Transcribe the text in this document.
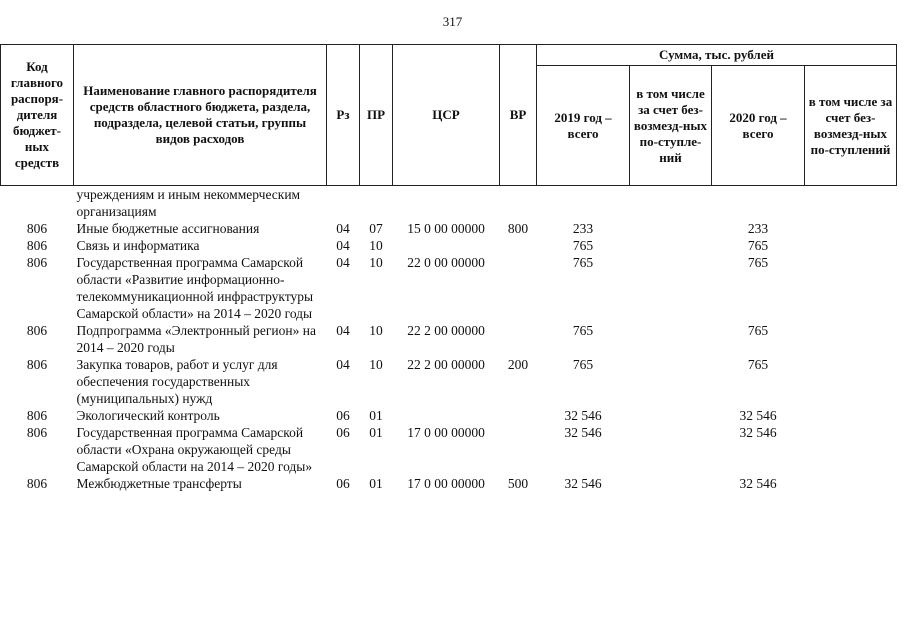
317
Код главного распоря-дителя бюджет-ных средств	Наименование главного распорядителя средств областного бюджета, раздела, подраздела, целевой статьи, группы видов расходов	Рз	ПР	ЦСР	ВР	Сумма, тыс. рублей			
						2019 год – всего	в том числе за счет без-возмезд-ных по-ступле-ний	2020 год – всего	в том числе за счет без-возмезд-ных по-ступлений
	учреждениям и иным некоммерческим организациям								
806	Иные бюджетные ассигнования	04	07	15 0 00 00000	800	233		233	
806	Связь и информатика	04	10			765		765	
806	Государственная программа Самарской области «Развитие информационно-телекоммуникационной инфраструктуры Самарской области» на 2014 – 2020 годы	04	10	22 0 00 00000		765		765	
806	Подпрограмма «Электронный регион» на 2014 – 2020 годы	04	10	22 2 00 00000		765		765	
806	Закупка товаров, работ и услуг для обеспечения государственных (муниципальных) нужд	04	10	22 2 00 00000	200	765		765	
806	Экологический контроль	06	01			32 546		32 546	
806	Государственная программа Самарской области «Охрана окружающей среды Самарской области на 2014 – 2020 годы»	06	01	17 0 00 00000		32 546		32 546	
806	Межбюджетные трансферты	06	01	17 0 00 00000	500	32 546		32 546	
